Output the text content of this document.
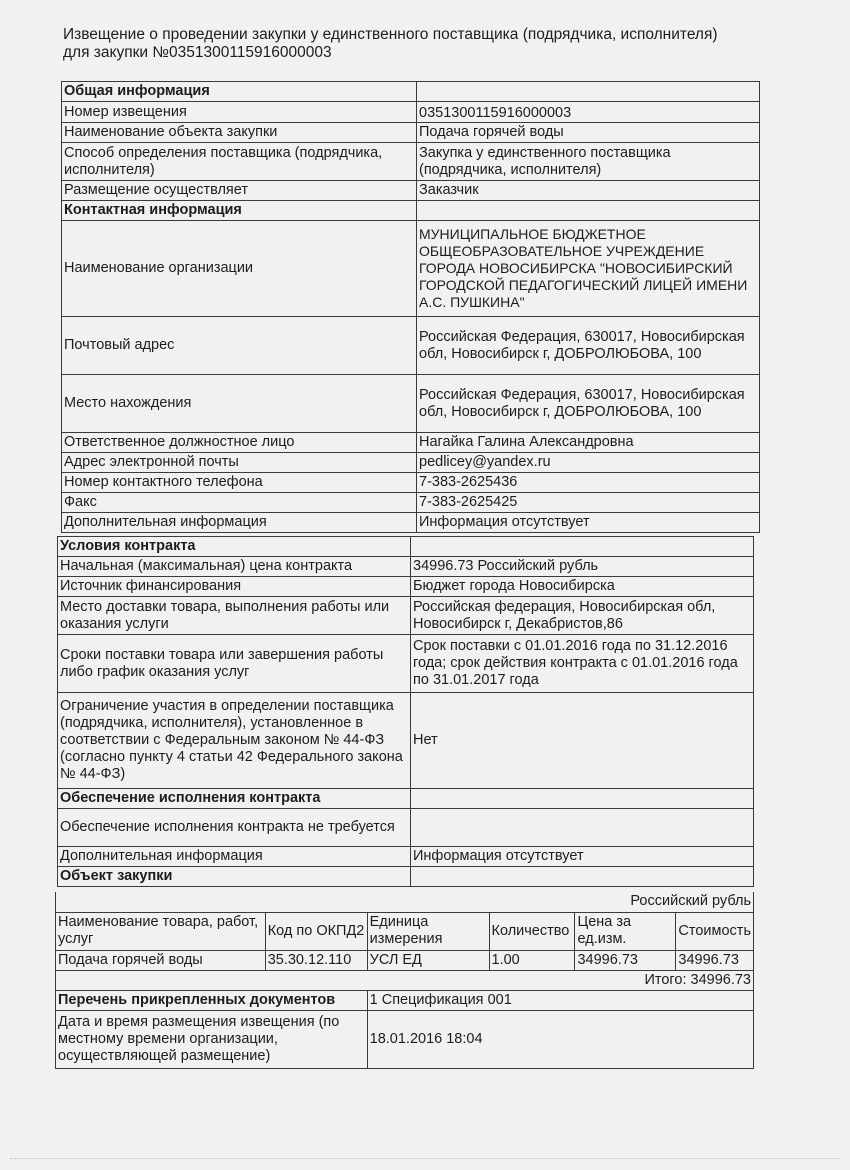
Извещение о проведении закупки у единственного поставщика (подрядчика, исполнителя)
для закупки №0351300115916000003
Общая информация	
Номер извещения	0351300115916000003
Наименование объекта закупки	Подача горячей воды
Способ определения поставщика (подрядчика, исполнителя)	Закупка у единственного поставщика (подрядчика, исполнителя)
Размещение осуществляет	Заказчик
Контактная информация	
Наименование организации	МУНИЦИПАЛЬНОЕ БЮДЖЕТНОЕ ОБЩЕОБРАЗОВАТЕЛЬНОЕ УЧРЕЖДЕНИЕ ГОРОДА НОВОСИБИРСКА "НОВОСИБИРСКИЙ ГОРОДСКОЙ ПЕДАГОГИЧЕСКИЙ ЛИЦЕЙ ИМЕНИ А.С. ПУШКИНА"
Почтовый адрес	Российская Федерация, 630017, Новосибирская обл, Новосибирск г, ДОБРОЛЮБОВА, 100
Место нахождения	Российская Федерация, 630017, Новосибирская обл, Новосибирск г, ДОБРОЛЮБОВА, 100
Ответственное должностное лицо	Нагайка Галина Александровна
Адрес электронной почты	pedlicey@yandex.ru
Номер контактного телефона	7-383-2625436
Факс	7-383-2625425
Дополнительная информация	Информация отсутствует
Условия контракта	
Начальная (максимальная) цена контракта	34996.73 Российский рубль
Источник финансирования	Бюджет города Новосибирска
Место доставки товара, выполнения работы или оказания услуги	Российская федерация, Новосибирская обл, Новосибирск г, Декабристов,86
Сроки поставки товара или завершения работы либо график оказания услуг	Срок поставки с 01.01.2016 года по 31.12.2016 года; срок действия контракта с 01.01.2016 года по 31.01.2017 года
Ограничение участия в определении поставщика (подрядчика, исполнителя), установленное в соответствии с Федеральным законом № 44-ФЗ (согласно пункту 4 статьи 42 Федерального закона № 44-ФЗ)	Нет
Обеспечение исполнения контракта	
Обеспечение исполнения контракта не требуется	
Дополнительная информация	Информация отсутствует
Объект закупки	
Российский рубль					
Наименование товара, работ, услуг	Код по ОКПД2	Единица измерения	Количество	Цена за ед.изм.	Стоимость
Подача горячей воды	35.30.12.110	УСЛ ЕД	1.00	34996.73	34996.73
Итого: 34996.73					
Перечень прикрепленных документов		1 Спецификация 001			
Дата и время размещения извещения (по местному времени организации, осуществляющей размещение)		18.01.2016 18:04			
